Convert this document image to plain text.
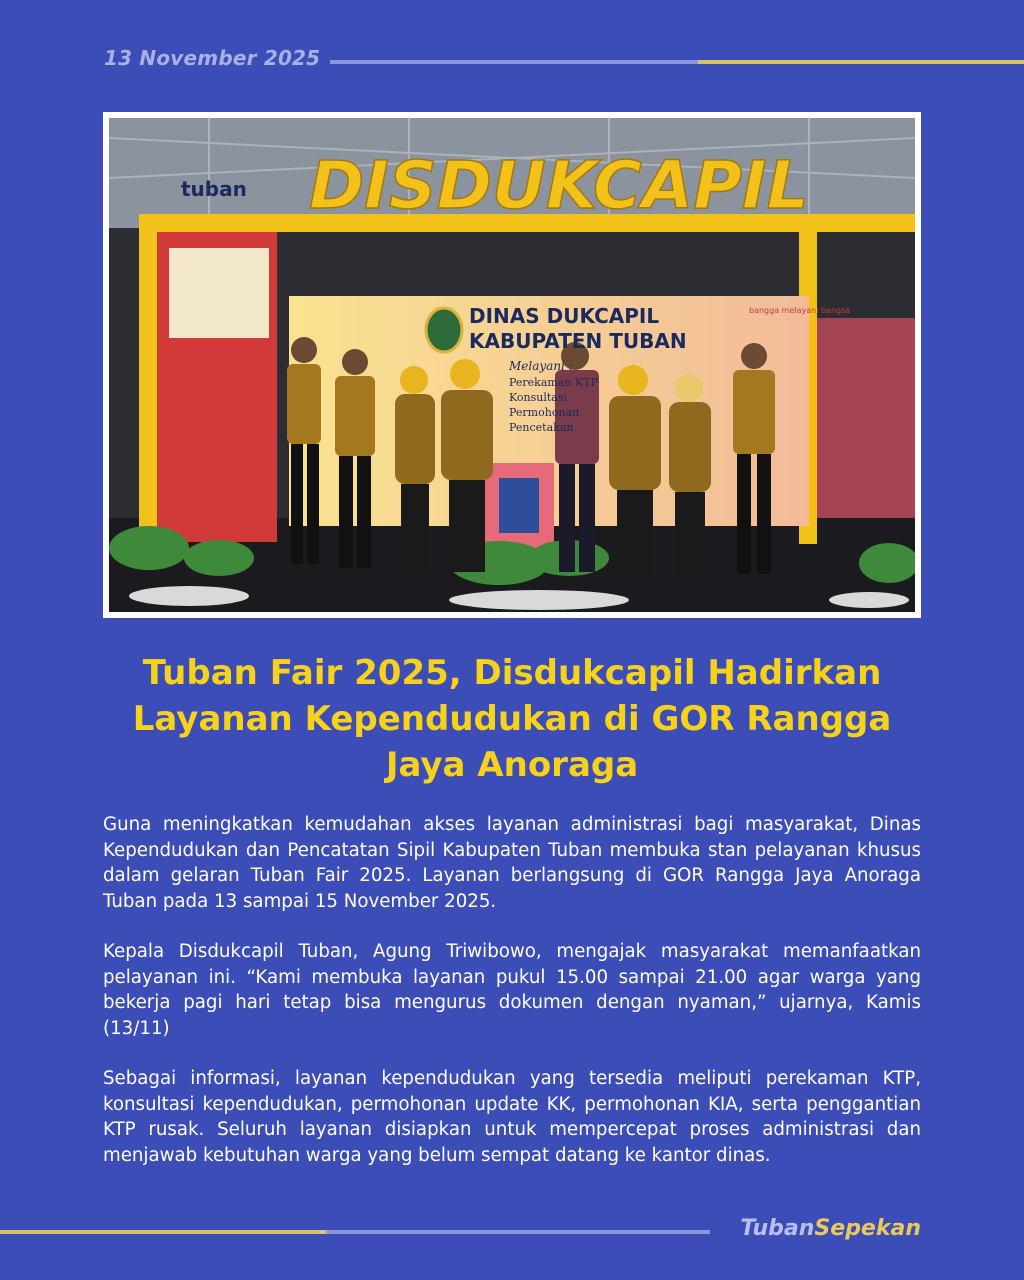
13 November 2025
DISDUKCAPIL
tuban
DINAS DUKCAPIL
KABUPATEN TUBAN
Melayani :
Perekaman KTP
Konsultasi
Permohonan
Pencetakan
bangga melayani bangsa
Tuban Fair 2025, Disdukcapil Hadirkan Layanan Kependudukan di GOR Rangga Jaya Anoraga

Guna meningkatkan kemudahan akses layanan administrasi bagi masyarakat, Dinas Kependudukan dan Pencatatan Sipil Kabupaten Tuban membuka stan pelayanan khusus dalam gelaran Tuban Fair 2025. Layanan berlangsung di GOR Rangga Jaya Anoraga Tuban pada 13 sampai 15 November 2025.

Kepala Disdukcapil Tuban, Agung Triwibowo, mengajak masyarakat memanfaatkan pelayanan ini. “Kami membuka layanan pukul 15.00 sampai 21.00 agar warga yang bekerja pagi hari tetap bisa mengurus dokumen dengan nyaman,” ujarnya, Kamis (13/11)

Sebagai informasi, layanan kependudukan yang tersedia meliputi perekaman KTP, konsultasi kependudukan, permohonan update KK, permohonan KIA, serta penggantian KTP rusak. Seluruh layanan disiapkan untuk mempercepat proses administrasi dan menjawab kebutuhan warga yang belum sempat datang ke kantor dinas.

TubanSepekan
